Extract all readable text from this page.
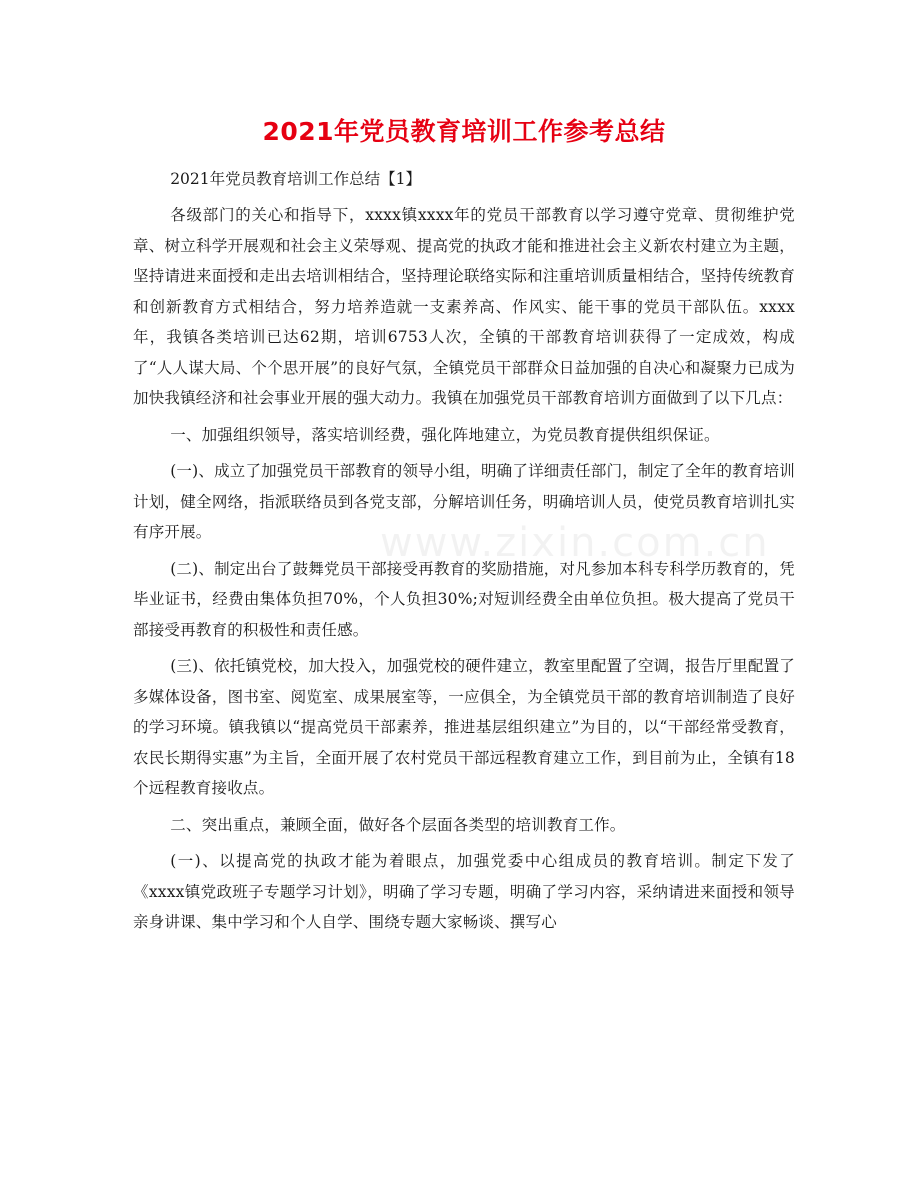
www.zixin.com.cn
2021年党员教育培训工作参考总结

2021年党员教育培训工作总结【1】

各级部门的关心和指导下，xxxx镇xxxx年的党员干部教育以学习遵守党章、贯彻维护党章、树立科学开展观和社会主义荣辱观、提高党的执政才能和推进社会主义新农村建立为主题，坚持请进来面授和走出去培训相结合，坚持理论联络实际和注重培训质量相结合，坚持传统教育和创新教育方式相结合，努力培养造就一支素养高、作风实、能干事的党员干部队伍。xxxx年，我镇各类培训已达62期，培训6753人次，全镇的干部教育培训获得了一定成效，构成了“人人谋大局、个个思开展”的良好气氛，全镇党员干部群众日益加强的自决心和凝聚力已成为加快我镇经济和社会事业开展的强大动力。我镇在加强党员干部教育培训方面做到了以下几点：

一、加强组织领导，落实培训经费，强化阵地建立，为党员教育提供组织保证。

(一)、成立了加强党员干部教育的领导小组，明确了详细责任部门，制定了全年的教育培训计划，健全网络，指派联络员到各党支部，分解培训任务，明确培训人员，使党员教育培训扎实有序开展。

(二)、制定出台了鼓舞党员干部接受再教育的奖励措施，对凡参加本科专科学历教育的，凭毕业证书，经费由集体负担70%，个人负担30%;对短训经费全由单位负担。极大提高了党员干部接受再教育的积极性和责任感。

(三)、依托镇党校，加大投入，加强党校的硬件建立，教室里配置了空调，报告厅里配置了多媒体设备，图书室、阅览室、成果展室等，一应俱全，为全镇党员干部的教育培训制造了良好的学习环境。镇我镇以“提高党员干部素养，推进基层组织建立”为目的，以“干部经常受教育，农民长期得实惠”为主旨，全面开展了农村党员干部远程教育建立工作，到目前为止，全镇有18个远程教育接收点。

二、突出重点，兼顾全面，做好各个层面各类型的培训教育工作。

(一)、以提高党的执政才能为着眼点，加强党委中心组成员的教育培训。制定下发了《xxxx镇党政班子专题学习计划》，明确了学习专题，明确了学习内容，采纳请进来面授和领导亲身讲课、集中学习和个人自学、围绕专题大家畅谈、撰写心
